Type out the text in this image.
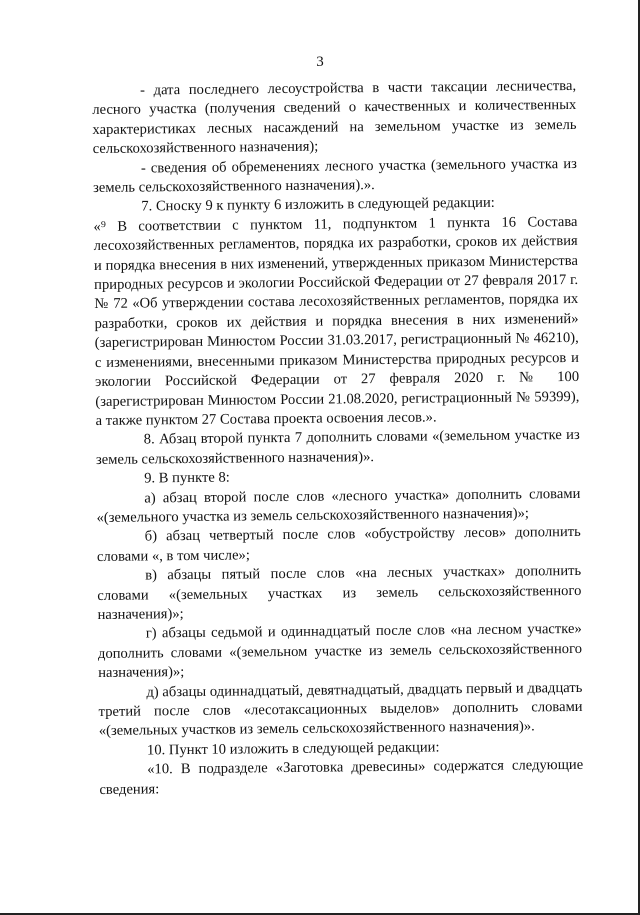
3

- дата последнего лесоустройства в части таксации лесничества, лесного участка (получения сведений о качественных и количественных характеристиках лесных насаждений на земельном участке из земель сельскохозяйственного назначения);

- сведения об обременениях лесного участка (земельного участка из земель сельскохозяйственного назначения).».

7. Сноску 9 к пункту 6 изложить в следующей редакции:

«⁹ В соответствии с пунктом 11, подпунктом 1 пункта 16 Состава лесохозяйственных регламентов, порядка их разработки, сроков их действия и порядка внесения в них изменений, утвержденных приказом Министерства природных ресурсов и экологии Российской Федерации от 27 февраля 2017 г. № 72 «Об утверждении состава лесохозяйственных регламентов, порядка их разработки, сроков их действия и порядка внесения в них изменений» (зарегистрирован Минюстом России 31.03.2017, регистрационный № 46210), с изменениями, внесенными приказом Министерства природных ресурсов и экологии Российской Федерации от 27 февраля 2020 г. № 100 (зарегистрирован Минюстом России 21.08.2020, регистрационный № 59399), а также пунктом 27 Состава проекта освоения лесов.».

8. Абзац второй пункта 7 дополнить словами «(земельном участке из земель сельскохозяйственного назначения)».

9. В пункте 8:

а) абзац второй после слов «лесного участка» дополнить словами «(земельного участка из земель сельскохозяйственного назначения)»;

б) абзац четвертый после слов «обустройству лесов» дополнить словами «, в том числе»;

в) абзацы пятый после слов «на лесных участках» дополнить словами «(земельных участках из земель сельскохозяйственного назначения)»;

г) абзацы седьмой и одиннадцатый после слов «на лесном участке» дополнить словами «(земельном участке из земель сельскохозяйственного назначения)»;

д) абзацы одиннадцатый, девятнадцатый, двадцать первый и двадцать третий после слов «лесотаксационных выделов» дополнить словами «(земельных участков из земель сельскохозяйственного назначения)».

10. Пункт 10 изложить в следующей редакции:

«10. В подразделе «Заготовка древесины» содержатся следующие сведения:
